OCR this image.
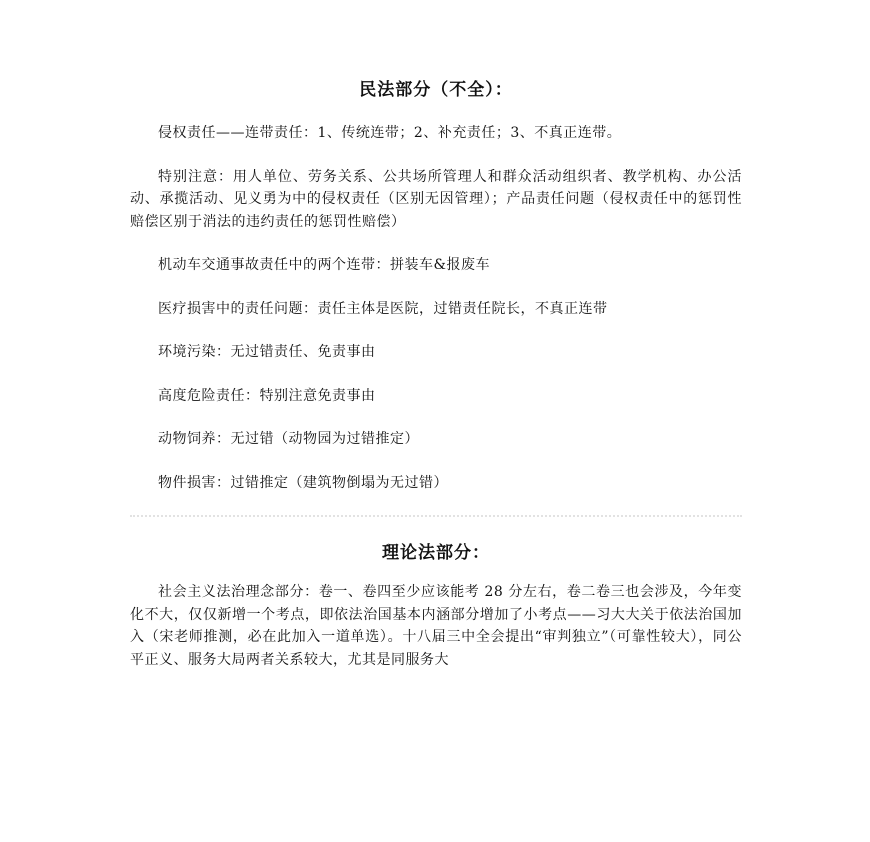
民法部分（不全）：

侵权责任——连带责任：1、传统连带；2、补充责任；3、不真正连带。

特别注意：用人单位、劳务关系、公共场所管理人和群众活动组织者、教学机构、办公活动、承揽活动、见义勇为中的侵权责任（区别无因管理）；产品责任问题（侵权责任中的惩罚性赔偿区别于消法的违约责任的惩罚性赔偿）

机动车交通事故责任中的两个连带：拼装车&报废车

医疗损害中的责任问题：责任主体是医院，过错责任院长，不真正连带

环境污染：无过错责任、免责事由

高度危险责任：特别注意免责事由

动物饲养：无过错（动物园为过错推定）

物件损害：过错推定（建筑物倒塌为无过错）

理论法部分：

社会主义法治理念部分：卷一、卷四至少应该能考 28 分左右，卷二卷三也会涉及，今年变化不大，仅仅新增一个考点，即依法治国基本内涵部分增加了小考点——习大大关于依法治国加入（宋老师推测，必在此加入一道单选）。十八届三中全会提出“审判独立”（可靠性较大），同公平正义、服务大局两者关系较大，尤其是同服务大
